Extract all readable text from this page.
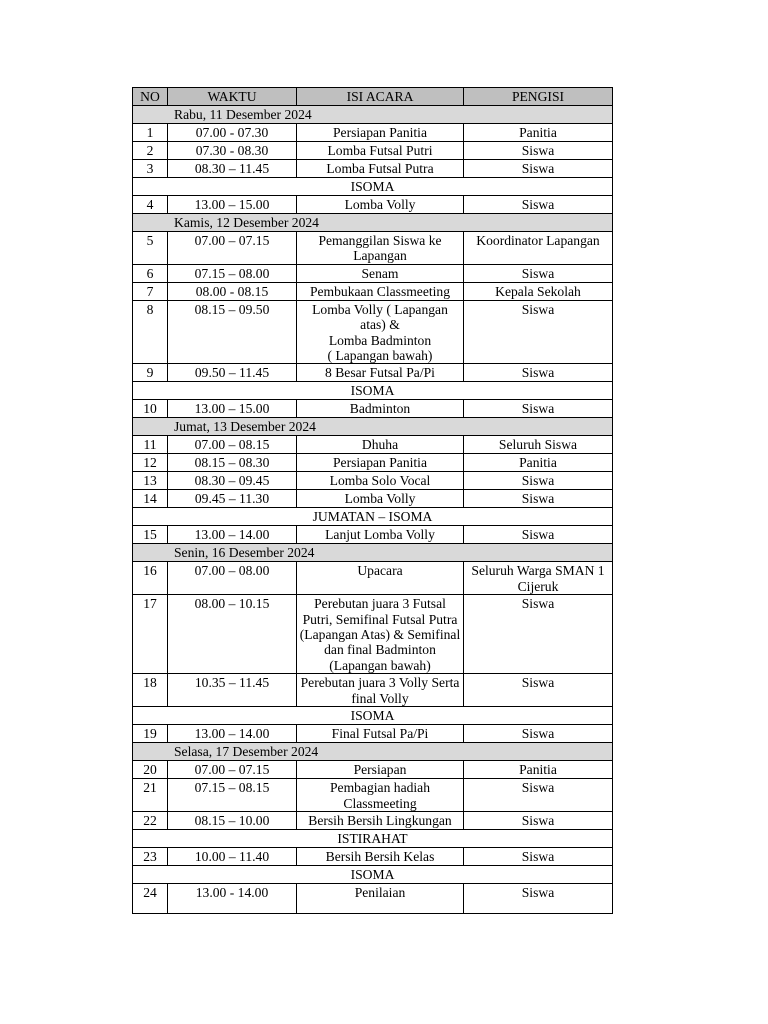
NO	WAKTU	ISI ACARA	PENGISI
Rabu, 11 Desember 2024			
1	07.00 - 07.30	Persiapan Panitia	Panitia
2	07.30 - 08.30	Lomba Futsal Putri	Siswa
3	08.30 – 11.45	Lomba Futsal Putra	Siswa
ISOMA			
4	13.00 – 15.00	Lomba Volly	Siswa
Kamis, 12 Desember 2024			
5	07.00 – 07.15	Pemanggilan Siswa ke Lapangan	Koordinator Lapangan
6	07.15 – 08.00	Senam	Siswa
7	08.00 - 08.15	Pembukaan Classmeeting	Kepala Sekolah
8	08.15 – 09.50	Lomba Volly ( Lapangan atas) &
Lomba Badminton
( Lapangan bawah)	Siswa
9	09.50 – 11.45	8 Besar Futsal Pa/Pi	Siswa
ISOMA			
10	13.00 – 15.00	Badminton	Siswa
Jumat, 13 Desember 2024			
11	07.00 – 08.15	Dhuha	Seluruh Siswa
12	08.15 – 08.30	Persiapan Panitia	Panitia
13	08.30 – 09.45	Lomba Solo Vocal	Siswa
14	09.45 – 11.30	Lomba Volly	Siswa
JUMATAN – ISOMA			
15	13.00 – 14.00	Lanjut Lomba Volly	Siswa
Senin, 16 Desember 2024			
16	07.00 – 08.00	Upacara	Seluruh Warga SMAN 1 Cijeruk
17	08.00 – 10.15	Perebutan juara 3 Futsal Putri, Semifinal Futsal Putra (Lapangan Atas) & Semifinal dan final Badminton (Lapangan bawah)	Siswa
18	10.35 – 11.45	Perebutan juara 3 Volly Serta final Volly	Siswa
ISOMA			
19	13.00 – 14.00	Final Futsal Pa/Pi	Siswa
Selasa, 17 Desember 2024			
20	07.00 – 07.15	Persiapan	Panitia
21	07.15 – 08.15	Pembagian hadiah Classmeeting	Siswa
22	08.15 – 10.00	Bersih Bersih Lingkungan	Siswa
ISTIRAHAT			
23	10.00 – 11.40	Bersih Bersih Kelas	Siswa
ISOMA			
24	13.00 - 14.00	Penilaian	Siswa
